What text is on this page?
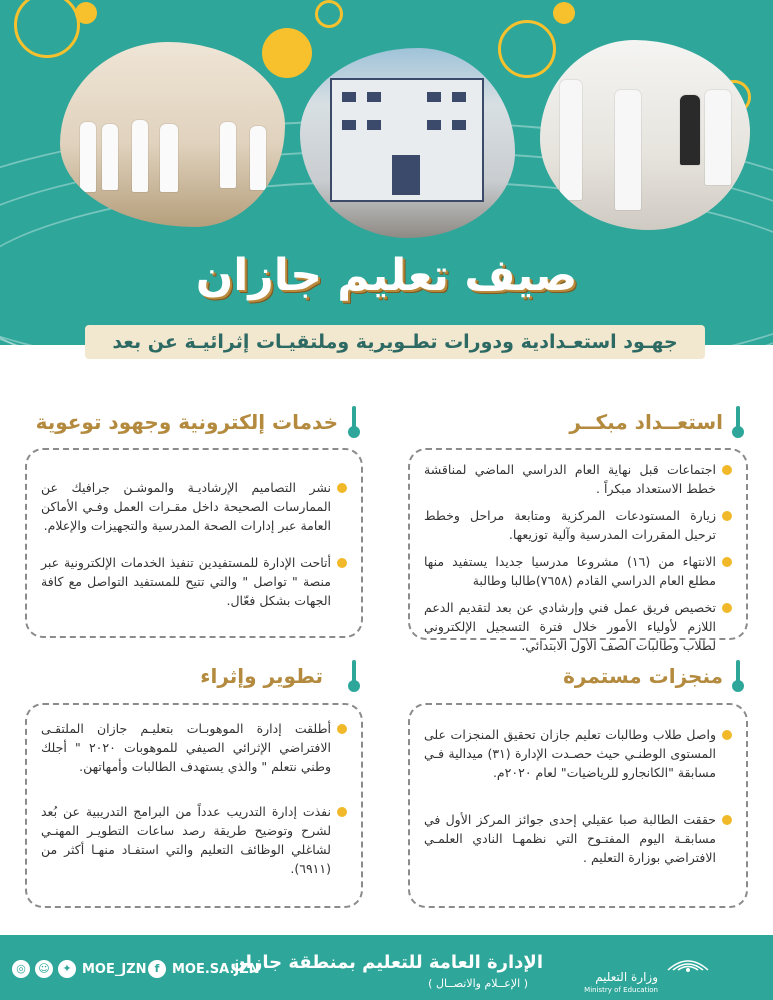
صيف تعليم جازان
جهـود استعـدادية ودورات تطـويرية وملتقيـات إثرائيـة عن بعد
استعــداد مبكــر
اجتماعات قبل نهاية العام الدراسي الماضي لمناقشة خطط الاستعداد مبكراً .
زيارة المستودعات المركزية ومتابعة مراحل وخطط ترحيل المقررات المدرسية وآلية توزيعها.
الانتهاء من (١٦) مشروعا مدرسيا جديدا يستفيد منها مطلع العام الدراسي القادم (٧٦٥٨)طالبا وطالبة
تخصيص فريق عمل فني وإرشادي عن بعد لتقديم الدعم اللازم لأولياء الأمور خلال فترة التسجيل الإلكتروني لطلاب وطالبات الصف الأول الابتدائي.
خدمات إلكترونية وجهود توعوية
نشر التصاميم الإرشاديـة والموشـن جرافيك عن الممارسات الصحيحة داخل مقـرات العمل وفـي الأماكن العامة عبر إدارات الصحة المدرسية والتجهيزات والإعلام.
أتاحت الإدارة للمستفيدين تنفيذ الخدمات الإلكترونية عبر منصة " تواصل " والتي تتيح للمستفيد التواصل مع كافة الجهات بشكل فعّال.
منجزات مستمرة
واصل طلاب وطالبات تعليم جازان تحقيق المنجزات على المستوى الوطنـي حيث حصـدت الإدارة (٣١) ميدالية فـي مسابقة "الكانجارو للرياضيات" لعام ٢٠٢٠م.
حققت الطالبة صبا عقيلي إحدى جوائز المركز الأول في مسابقـة اليوم المفتـوح التي نظمهـا النادي العلمـي الافتراضي بوزارة التعليم .
تطوير وإثراء
أطلقت إدارة الموهوبـات بتعليـم جازان الملتقـى الافتراضي الإثرائي الصيفي للموهوبات ٢٠٢٠ " أجلك وطني نتعلم " والذي يستهدف الطالبات وأمهاتهن.
نفذت إدارة التدريب عدداً من البرامج التدريبية عن بُعد لشرح وتوضيح طريقة رصد ساعات التطويـر المهنـي لشاغلي الوظائف التعليم والتي استفـاد منهـا أكثر من (٦٩١١).
◎	☺	✦ MOE_JZN f MOE.SA.JZN
الإدارة العامة للتعليم بمنطقة جازان
( الإعــلام والاتصــال )	وزارة التعليم
Ministry of Education
